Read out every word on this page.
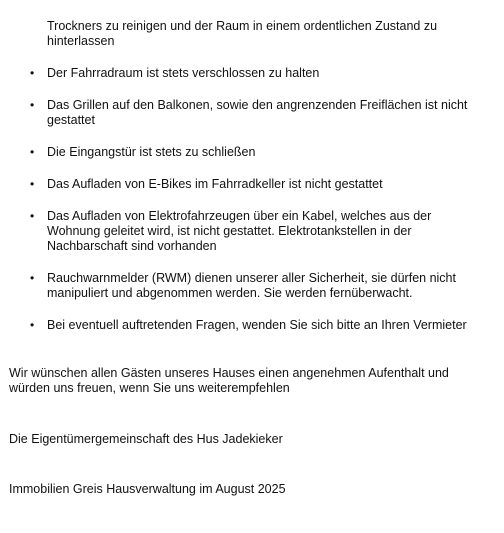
Trockners zu reinigen und der Raum in einem ordentlichen Zustand zu hinterlassen

• Der Fahrradraum ist stets verschlossen zu halten
• Das Grillen auf den Balkonen, sowie den angrenzenden Freiflächen ist nicht gestattet
• Die Eingangstür ist stets zu schließen
• Das Aufladen von E-Bikes im Fahrradkeller ist nicht gestattet
• Das Aufladen von Elektrofahrzeugen über ein Kabel, welches aus der Wohnung geleitet wird, ist nicht gestattet. Elektrotankstellen in der Nachbarschaft sind vorhanden
• Rauchwarnmelder (RWM) dienen unserer aller Sicherheit, sie dürfen nicht manipuliert und abgenommen werden. Sie werden fernüberwacht.
• Bei eventuell auftretenden Fragen, wenden Sie sich bitte an Ihren Vermieter

Wir wünschen allen Gästen unseres Hauses einen angenehmen Aufenthalt und würden uns freuen, wenn Sie uns weiterempfehlen

Die Eigentümergemeinschaft des Hus Jadekieker

Immobilien Greis Hausverwaltung im August 2025
